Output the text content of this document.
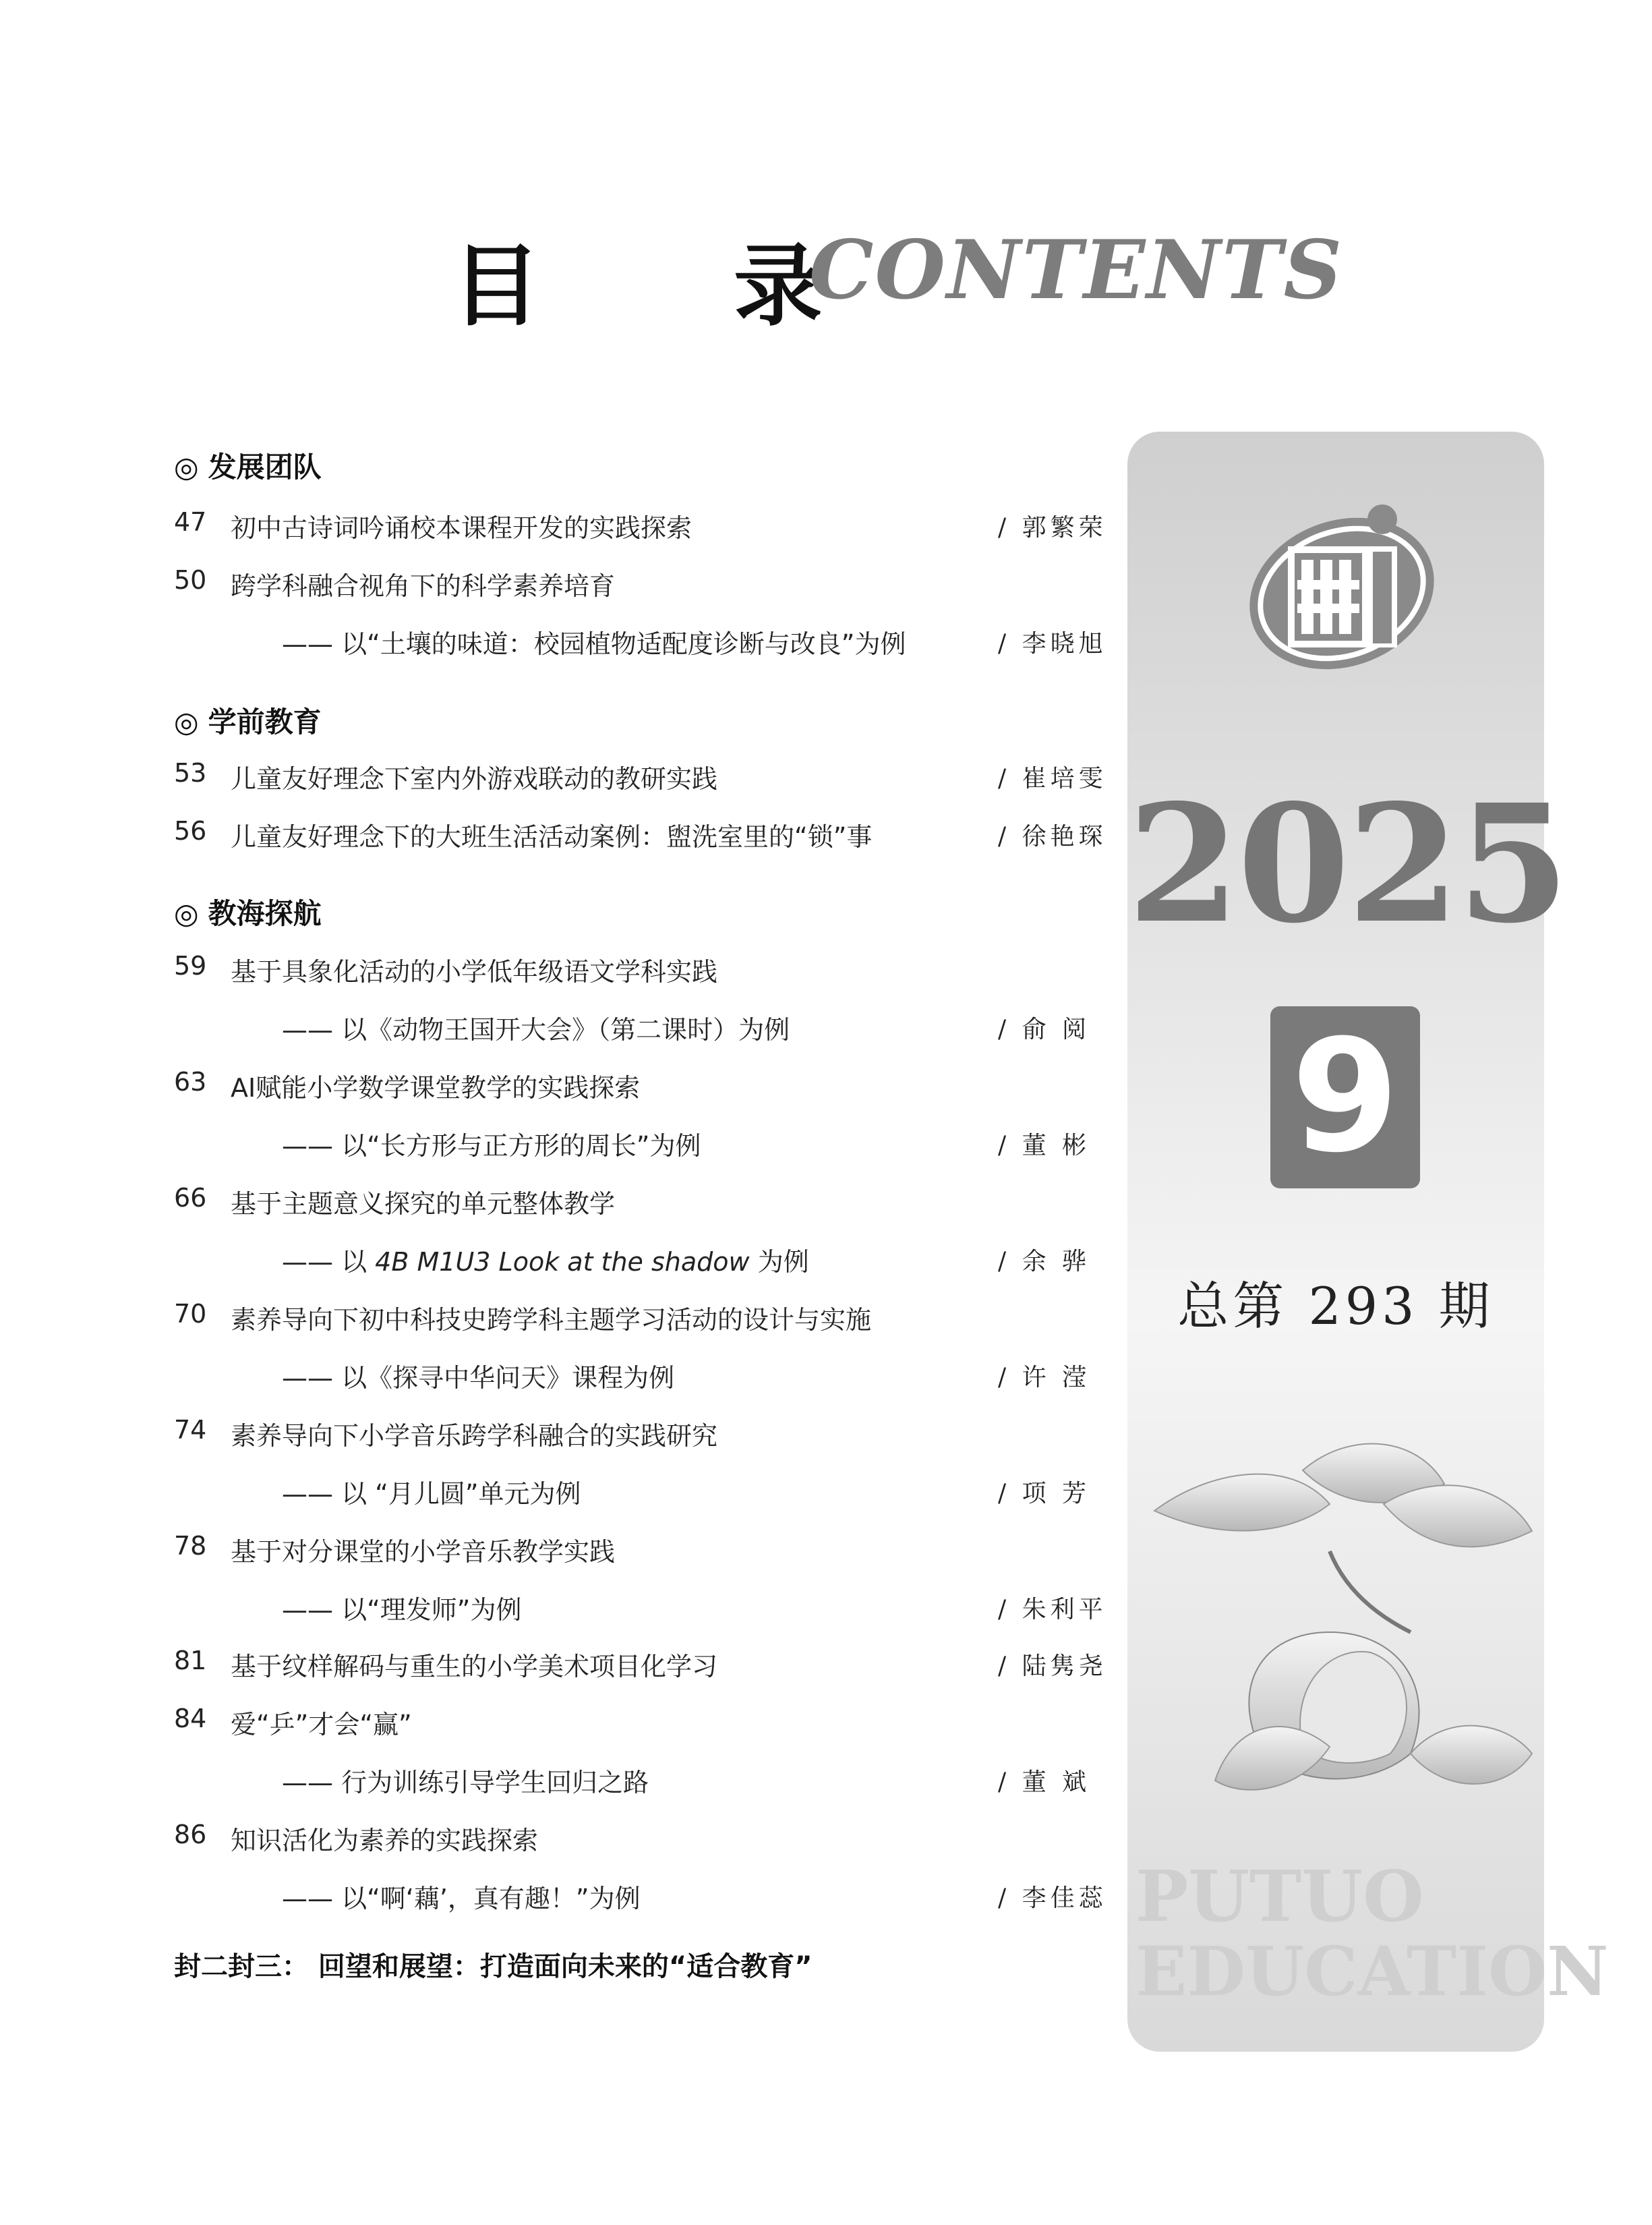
目 录
CONTENTS
◎ 发展团队
47 初中古诗词吟诵校本课程开发的实践探索	/ 郭繁荣
50 跨学科融合视角下的科学素养培育
—— 以“土壤的味道：校园植物适配度诊断与改良”为例	/ 李晓旭
◎ 学前教育
53 儿童友好理念下室内外游戏联动的教研实践	/ 崔培雯
56 儿童友好理念下的大班生活活动案例：盥洗室里的“锁”事	/ 徐艳琛
◎ 教海探航
59 基于具象化活动的小学低年级语文学科实践
—— 以《动物王国开大会》（第二课时）为例	/ 俞 阅
63 AI赋能小学数学课堂教学的实践探索
—— 以“长方形与正方形的周长”为例	/ 董 彬
66 基于主题意义探究的单元整体教学
—— 以 4B M1U3 Look at the shadow 为例	/ 余 骅
70 素养导向下初中科技史跨学科主题学习活动的设计与实施
—— 以《探寻中华问天》课程为例	/ 许 滢
74 素养导向下小学音乐跨学科融合的实践研究
—— 以 “月儿圆”单元为例	/ 项 芳
78 基于对分课堂的小学音乐教学实践
—— 以“理发师”为例	/ 朱利平
81 基于纹样解码与重生的小学美术项目化学习	/ 陆隽尧
84 爱“乒”才会“赢”
—— 行为训练引导学生回归之路	/ 董 斌
86 知识活化为素养的实践探索
—— 以“啊‘藕’，真有趣！”为例	/ 李佳蕊
封二封三： 回望和展望：打造面向未来的“适合教育”
2025
9
总第 293 期
PUTUO
EDUCATION
